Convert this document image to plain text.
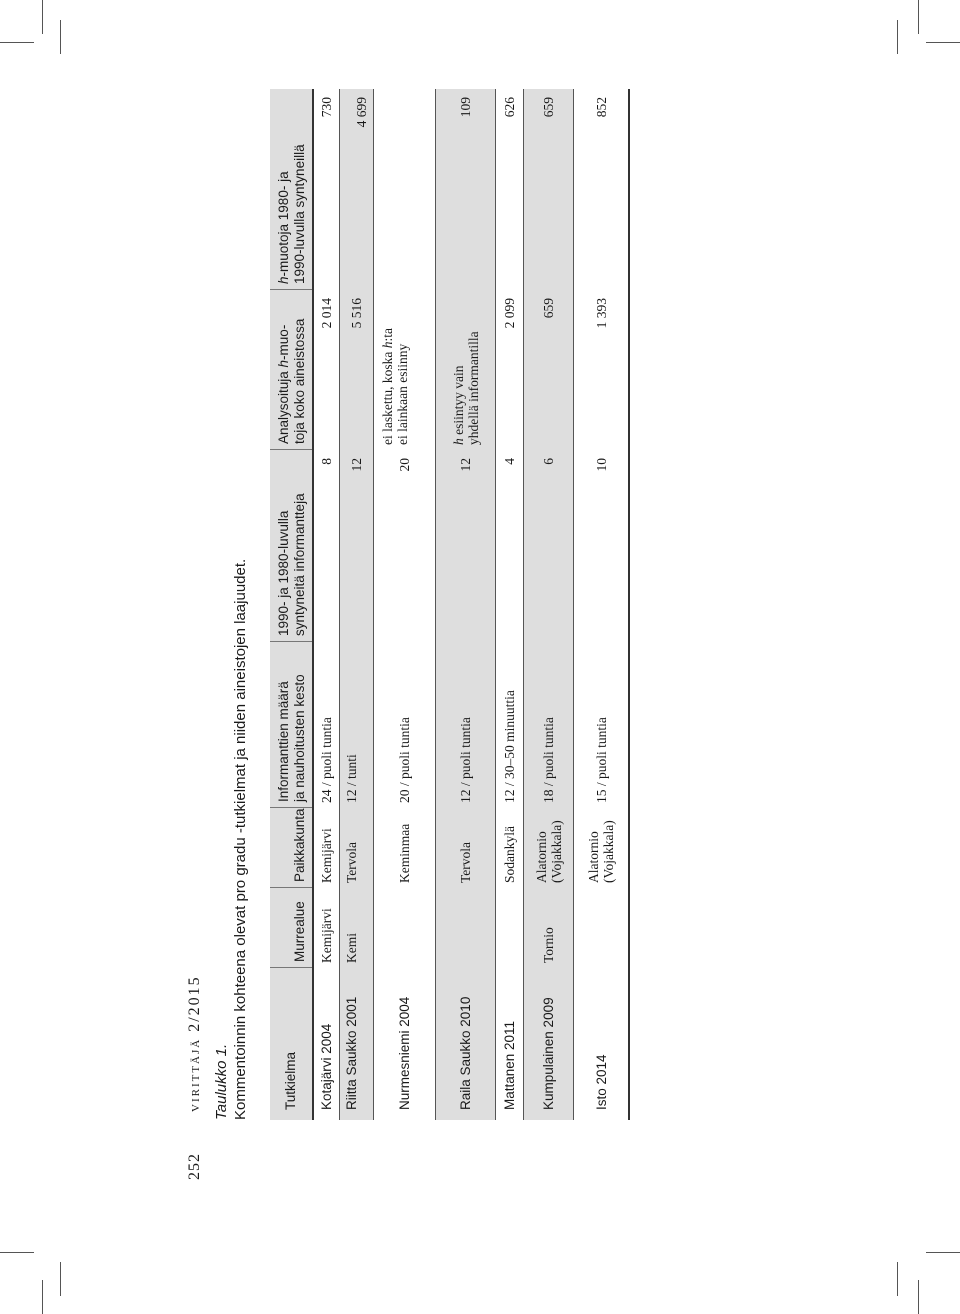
252 virittäjä 2/2015 Taulukko 1. Kommentoinnin kohteena olevat pro gradu -tutkielmat ja niiden aineistojen laajuudet.	Tutkielma
Murrealue
Paikkakunta
Informanttien määrä
ja nauhoitusten kesto
1990- ja 1980-luvulla
syntyneitä informantteja
Analysoituja h-muo-
toja koko aineistossa
h-muotoja 1980- ja
1990-luvulla syntyneillä
Kotajärvi 2004
Kemijärvi
Kemijärvi
24 / puoli tuntia
8
2 014
730
Riitta Saukko 2001
Kemi
Tervola
12 / tunti
12
5 516
4 699
Nurmesniemi 2004
Keminmaa
20 / puoli tuntia
20
ei laskettu, koska h:ta
ei lainkaan esiinny
Raila Saukko 2010
Tervola
12 / puoli tuntia
12
h esiintyy vain
yhdellä informantilla
109
Mattanen 2011
Sodankylä
12 / 30–50 minuuttia
4
2 099
626
Kumpulainen 2009
Tornio
Alatornio
(Vojakkala)
18 / puoli tuntia
6
659
659
Isto 2014
Alatornio
(Vojakkala)
15 / puoli tuntia
10
1 393
852
